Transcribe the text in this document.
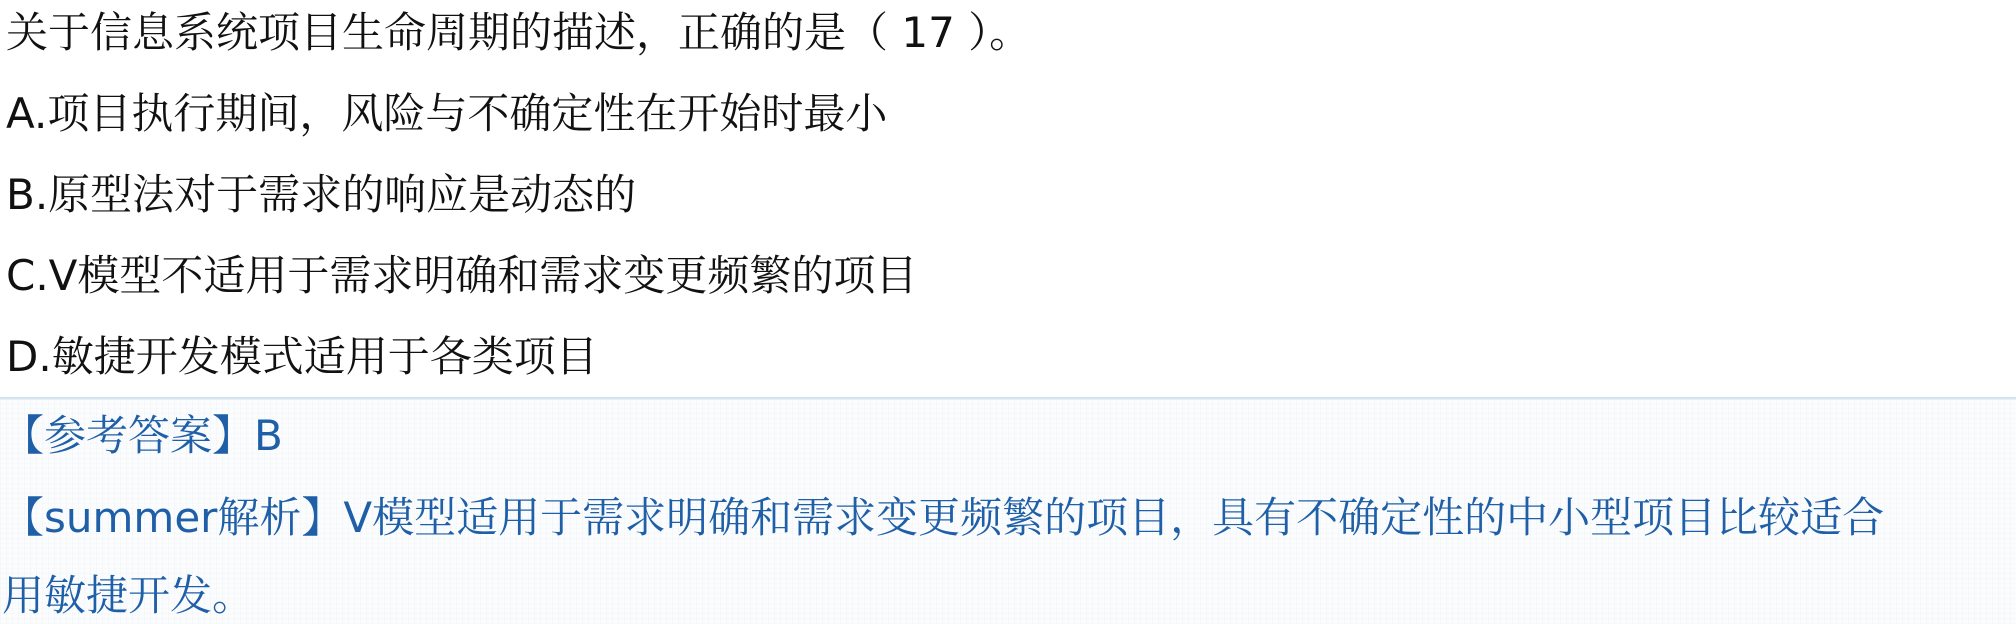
关于信息系统项目生命周期的描述，正确的是（ 17 ）。
A.项目执行期间，风险与不确定性在开始时最小
B.原型法对于需求的响应是动态的
C.V模型不适用于需求明确和需求变更频繁的项目
D.敏捷开发模式适用于各类项目
【参考答案】B
【summer解析】V模型适用于需求明确和需求变更频繁的项目，具有不确定性的中小型项目比较适合
用敏捷开发。
